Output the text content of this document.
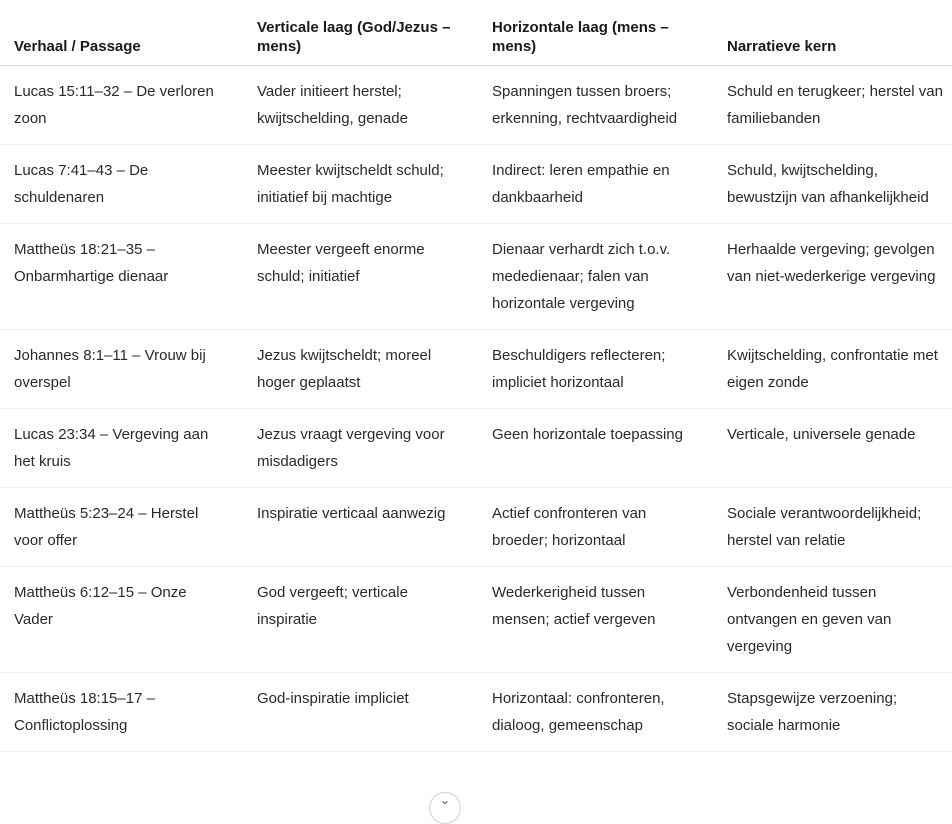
Verhaal / Passage	Verticale laag (God/Jezus – mens)	Horizontale laag (mens – mens)	Narratieve kern
Lucas 15:11–32 – De verloren zoon	Vader initieert herstel; kwijtschelding, genade	Spanningen tussen broers; erkenning, rechtvaardigheid	Schuld en terugkeer; herstel van familiebanden
Lucas 7:41–43 – De schuldenaren	Meester kwijtscheldt schuld; initiatief bij machtige	Indirect: leren empathie en dankbaarheid	Schuld, kwijtschelding, bewustzijn van afhankelijkheid
Mattheüs 18:21–35 – Onbarmhartige dienaar	Meester vergeeft enorme schuld; initiatief	Dienaar verhardt zich t.o.v. mededienaar; falen van horizontale vergeving	Herhaalde vergeving; gevolgen van niet-wederkerige vergeving
Johannes 8:1–11 – Vrouw bij overspel	Jezus kwijtscheldt; moreel hoger geplaatst	Beschuldigers reflecteren; impliciet horizontaal	Kwijtschelding, confrontatie met eigen zonde
Lucas 23:34 – Vergeving aan het kruis	Jezus vraagt vergeving voor misdadigers	Geen horizontale toepassing	Verticale, universele genade
Mattheüs 5:23–24 – Herstel voor offer	Inspiratie verticaal aanwezig	Actief confronteren van broeder; horizontaal	Sociale verantwoordelijkheid; herstel van relatie
Mattheüs 6:12–15 – Onze Vader	God vergeeft; verticale inspiratie	Wederkerigheid tussen mensen; actief vergeven	Verbondenheid tussen ontvangen en geven van vergeving
Mattheüs 18:15–17 – Conflictoplossing	God-inspiratie impliciet	Horizontaal: confronteren, dialoog, gemeenschap	Stapsgewijze verzoening; sociale harmonie
⌄
